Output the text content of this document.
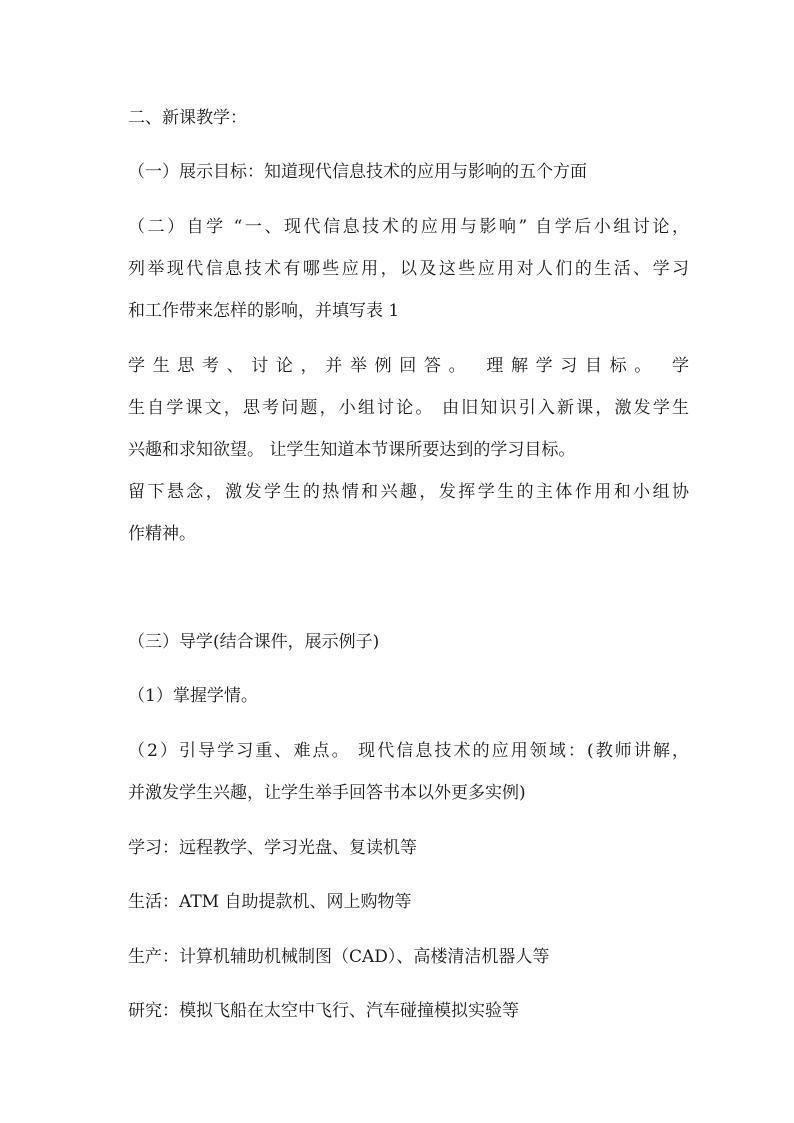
二、新课教学：
（一）展示目标：知道现代信息技术的应用与影响的五个方面
（二）自学 “一、现代信息技术的应用与影响” 自学后小组讨论，
列举现代信息技术有哪些应用，以及这些应用对人们的生活、学习
和工作带来怎样的影响，并填写表 1
学生思考、讨论，并举例回答。 理解学习目标。 学
生自学课文，思考问题，小组讨论。 由旧知识引入新课，激发学生
兴趣和求知欲望。 让学生知道本节课所要达到的学习目标。
留下悬念，激发学生的热情和兴趣，发挥学生的主体作用和小组协
作精神。
（三）导学(结合课件，展示例子)
（1）掌握学情。
（2）引导学习重、难点。 现代信息技术的应用领域：(教师讲解，
并激发学生兴趣，让学生举手回答书本以外更多实例)
学习：远程教学、学习光盘、复读机等
生活：ATM 自助提款机、网上购物等
生产：计算机辅助机械制图（CAD）、高楼清洁机器人等
研究：模拟飞船在太空中飞行、汽车碰撞模拟实验等
